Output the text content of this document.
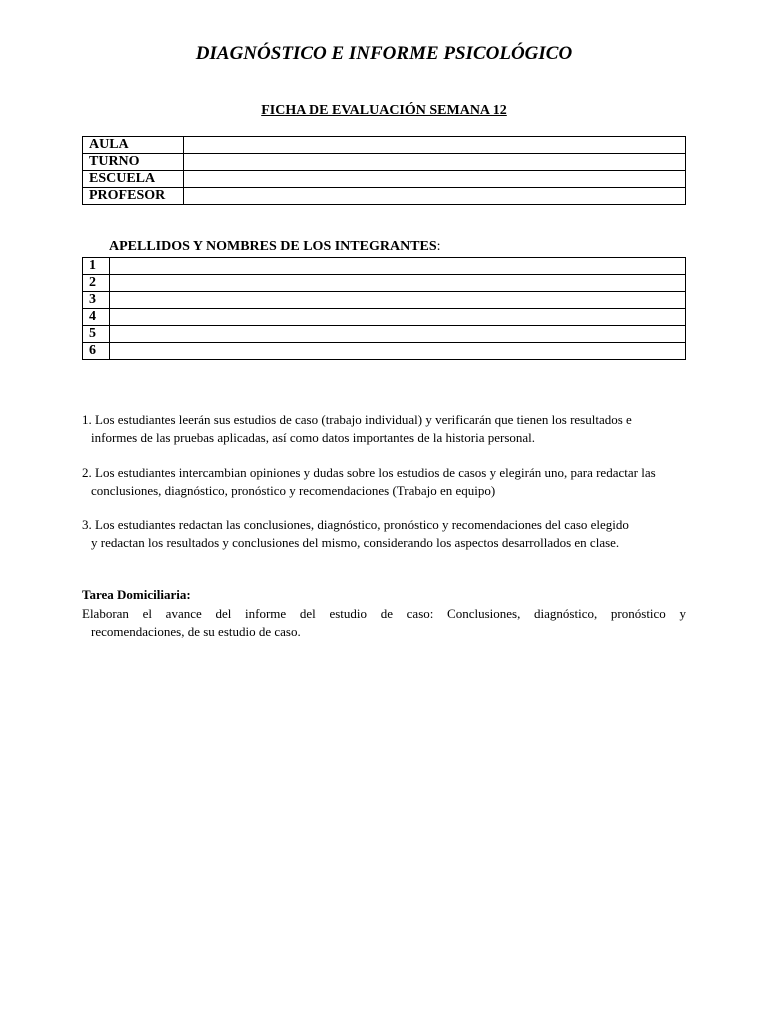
DIAGNÓSTICO E INFORME PSICOLÓGICO
FICHA DE EVALUACIÓN SEMANA 12
AULA	
TURNO	
ESCUELA	
PROFESOR	
APELLIDOS Y NOMBRES DE LOS INTEGRANTES:
1	
2	
3	
4	
5	
6	
1. Los estudiantes leerán sus estudios de caso (trabajo individual) y verificarán que tienen los resultados e
informes de las pruebas aplicadas, así como datos importantes de la historia personal.
2. Los estudiantes intercambian opiniones y dudas sobre los estudios de casos y elegirán uno, para redactar las
conclusiones, diagnóstico, pronóstico y recomendaciones (Trabajo en equipo)
3. Los estudiantes redactan las conclusiones, diagnóstico, pronóstico y recomendaciones del caso elegido
y redactan los resultados y conclusiones del mismo, considerando los aspectos desarrollados en clase.
Tarea Domiciliaria:
Elaboran el avance del informe del estudio de caso: Conclusiones, diagnóstico, pronóstico y
recomendaciones, de su estudio de caso.
